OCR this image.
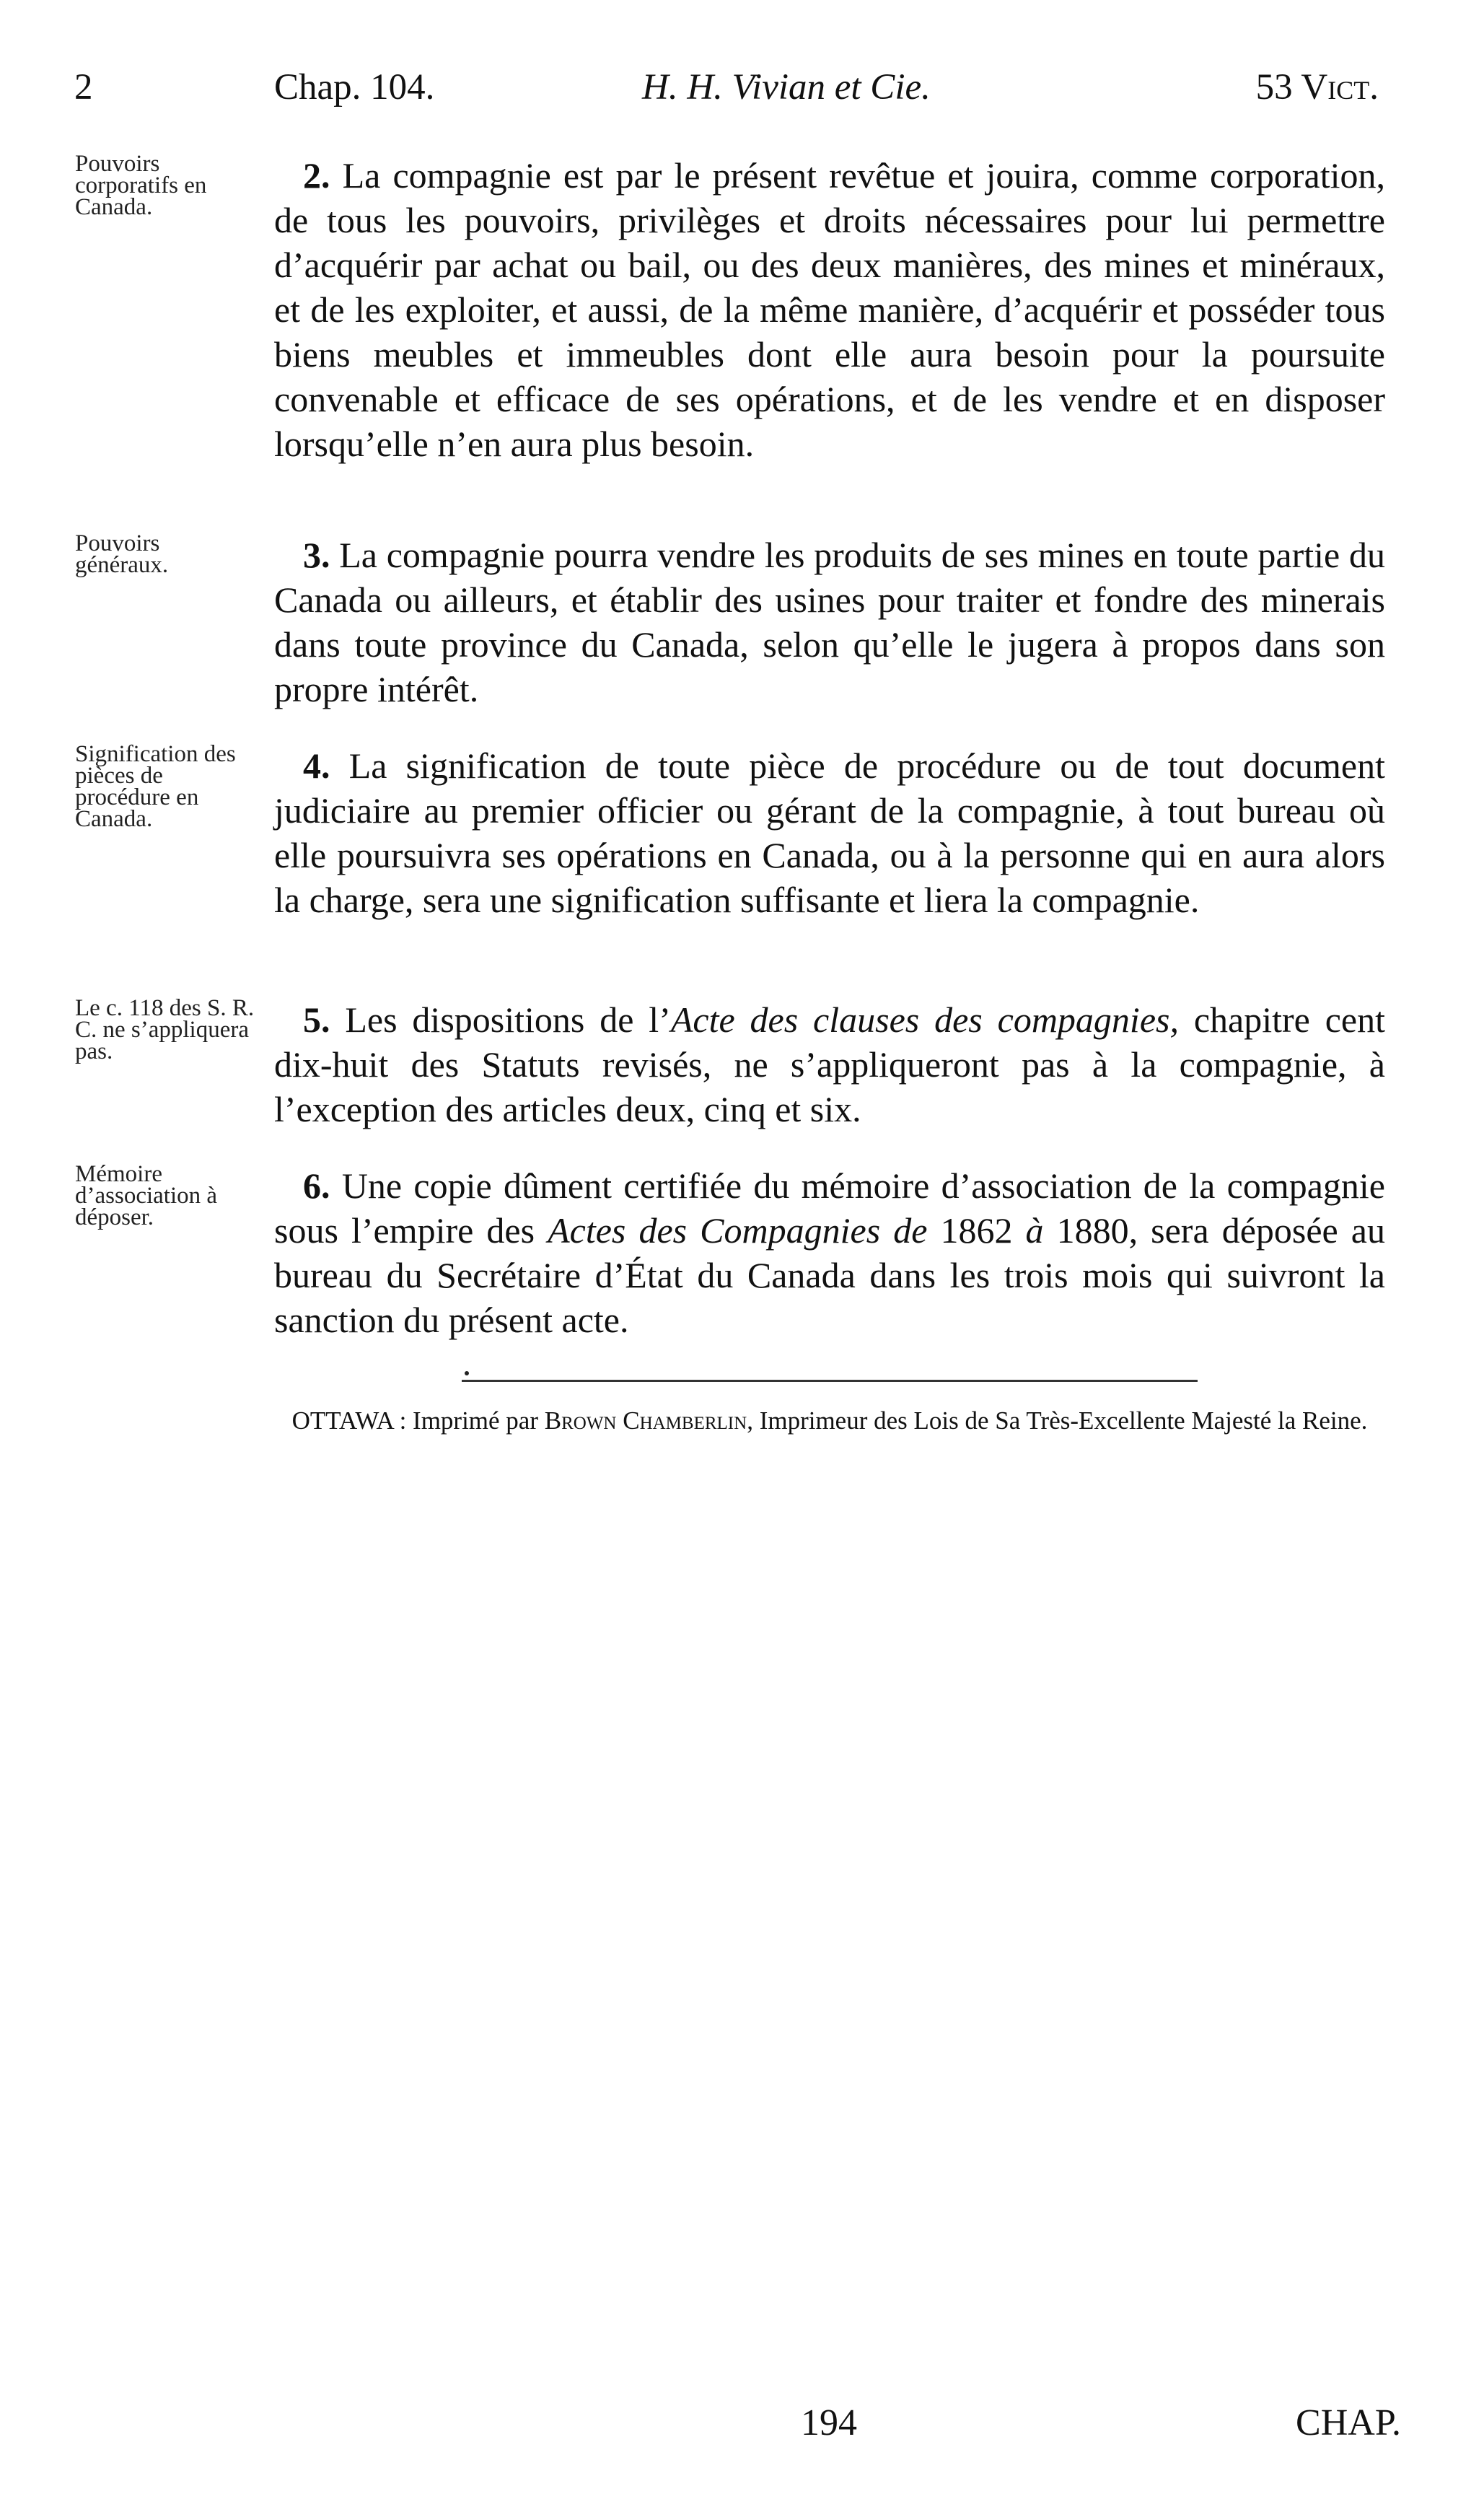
2	Chap. 104.	H. H. Vivian et Cie.	53 Vict.
Pouvoirs corporatifs en Canada.
2. La compagnie est par le présent revêtue et jouira, comme corporation, de tous les pouvoirs, privilèges et droits nécessaires pour lui permettre d’acquérir par achat ou bail, ou des deux manières, des mines et minéraux, et de les exploiter, et aussi, de la même manière, d’acquérir et posséder tous biens meubles et immeubles dont elle aura besoin pour la poursuite convenable et efficace de ses opérations, et de les vendre et en disposer lorsqu’elle n’en aura plus besoin.
Pouvoirs généraux.	3. La compagnie pourra vendre les produits de ses mines en toute partie du Canada ou ailleurs, et établir des usines pour traiter et fondre des minerais dans toute province du Canada, selon qu’elle le jugera à propos dans son propre intérêt.
Signification des pièces de procédure en Canada.
4. La signification de toute pièce de procédure ou de tout document judiciaire au premier officier ou gérant de la compagnie, à tout bureau où elle poursuivra ses opérations en Canada, ou à la personne qui en aura alors la charge, sera une signification suffisante et liera la compagnie.
Le c. 118 des S. R. C. ne s’appliquera pas.
5. Les dispositions de l’Acte des clauses des compagnies, chapitre cent dix-huit des Statuts revisés, ne s’appliqueront pas à la compagnie, à l’exception des articles deux, cinq et six.
Mémoire d’association à déposer.
6. Une copie dûment certifiée du mémoire d’association de la compagnie sous l’empire des Actes des Compagnies de 1862 à 1880, sera déposée au bureau du Secrétaire d’État du Canada dans les trois mois qui suivront la sanction du présent acte.
OTTAWA : Imprimé par Brown Chamberlin, Imprimeur des Lois de Sa Très-Excellente Majesté la Reine.
194	CHAP.
